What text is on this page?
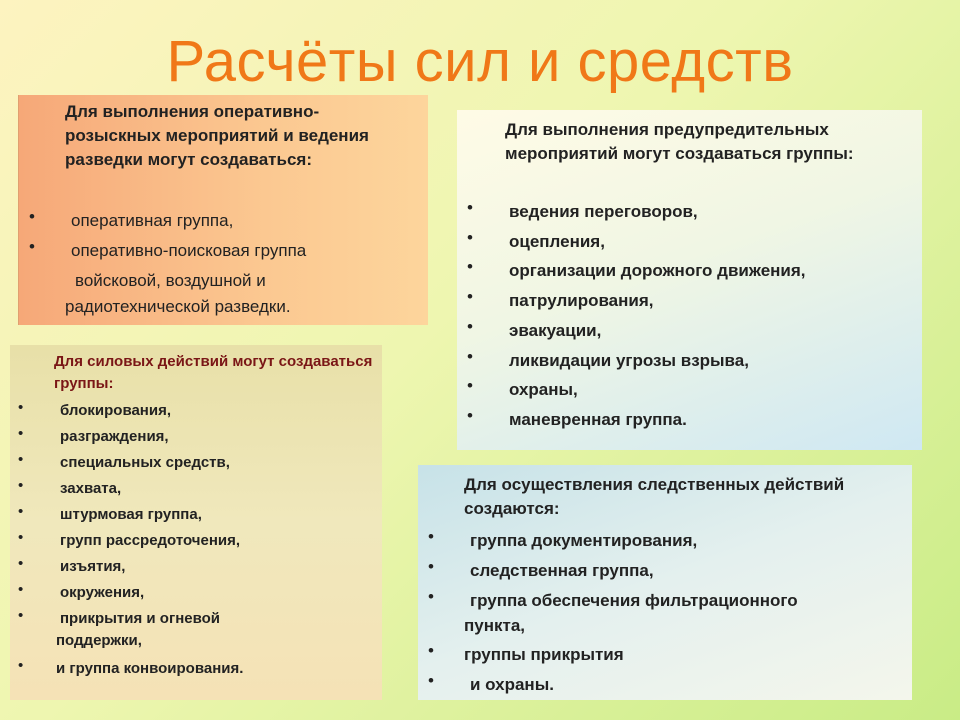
Расчёты сил и средств
Для выполнения оперативно-розыскных мероприятий и ведения разведки могут создаваться:
• оперативная группа,
• оперативно-поисковая группа
войсковой, воздушной и
радиотехнической разведки.
Для выполнения предупредительных мероприятий могут создаваться группы:
• ведения переговоров,
• оцепления,
• организации дорожного движения,
• патрулирования,
• эвакуации,
• ликвидации угрозы взрыва,
• охраны,
• маневренная группа.
Для силовых действий могут создаваться группы:
• блокирования,
• разграждения,
• специальных средств,
• захвата,
• штурмовая группа,
• групп рассредоточения,
• изъятия,
• окружения,
• прикрытия и огневой
поддержки,
• и группа конвоирования.
Для осуществления следственных действий создаются:
• группа документирования,
• следственная группа,
• группа обеспечения фильтрационного
пункта,
• группы прикрытия
• и охраны.
